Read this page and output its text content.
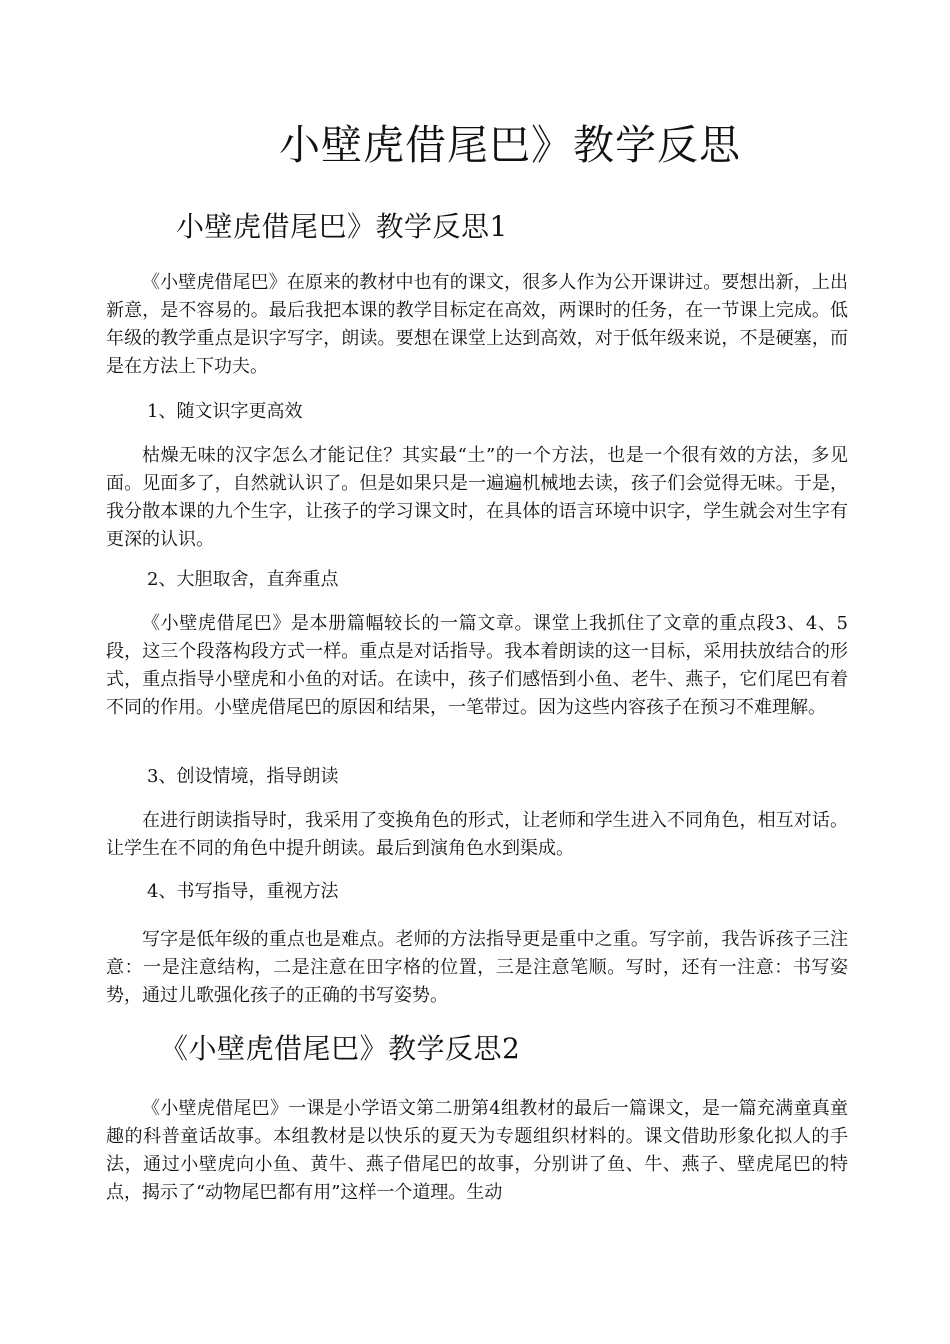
小壁虎借尾巴》教学反思
小壁虎借尾巴》教学反思1

《小壁虎借尾巴》在原来的教材中也有的课文，很多人作为公开课讲过。要想出新，上出新意，是不容易的。最后我把本课的教学目标定在高效，两课时的任务，在一节课上完成。低年级的教学重点是识字写字，朗读。要想在课堂上达到高效，对于低年级来说，不是硬塞，而是在方法上下功夫。

1、随文识字更高效

枯燥无味的汉字怎么才能记住？其实最“土”的一个方法，也是一个很有效的方法，多见面。见面多了，自然就认识了。但是如果只是一遍遍机械地去读，孩子们会觉得无味。于是，我分散本课的九个生字，让孩子的学习课文时，在具体的语言环境中识字，学生就会对生字有更深的认识。

2、大胆取舍，直奔重点

《小壁虎借尾巴》是本册篇幅较长的一篇文章。课堂上我抓住了文章的重点段3、4、5段，这三个段落构段方式一样。重点是对话指导。我本着朗读的这一目标，采用扶放结合的形式，重点指导小壁虎和小鱼的对话。在读中，孩子们感悟到小鱼、老牛、燕子，它们尾巴有着不同的作用。小壁虎借尾巴的原因和结果，一笔带过。因为这些内容孩子在预习不难理解。

3、创设情境，指导朗读

在进行朗读指导时，我采用了变换角色的形式，让老师和学生进入不同角色，相互对话。让学生在不同的角色中提升朗读。最后到演角色水到渠成。

4、书写指导，重视方法

写字是低年级的重点也是难点。老师的方法指导更是重中之重。写字前，我告诉孩子三注意：一是注意结构，二是注意在田字格的位置，三是注意笔顺。写时，还有一注意：书写姿势，通过儿歌强化孩子的正确的书写姿势。

《小壁虎借尾巴》教学反思2

《小壁虎借尾巴》一课是小学语文第二册第4组教材的最后一篇课文，是一篇充满童真童趣的科普童话故事。本组教材是以快乐的夏天为专题组织材料的。课文借助形象化拟人的手法，通过小壁虎向小鱼、黄牛、燕子借尾巴的故事，分别讲了鱼、牛、燕子、壁虎尾巴的特点，揭示了“动物尾巴都有用”这样一个道理。生动
